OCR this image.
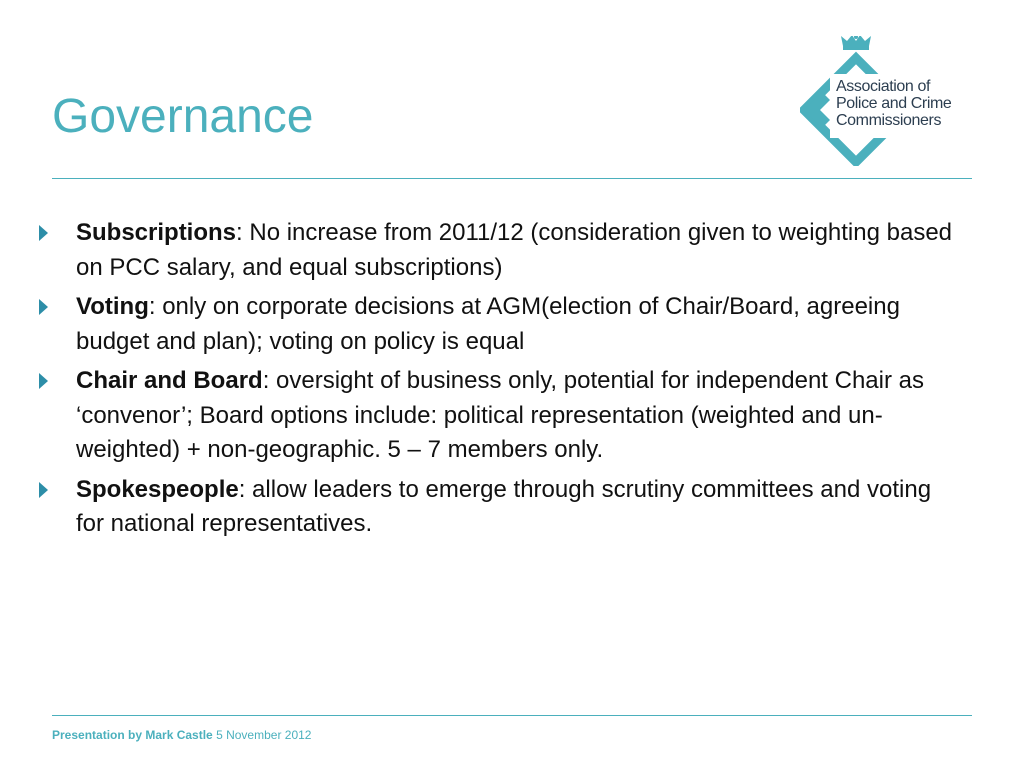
Governance
Association of
Police and Crime
Commissioners
Subscriptions: No increase from 2011/12 (consideration given to weighting based on PCC salary, and equal subscriptions)
Voting: only on corporate decisions at AGM(election of Chair/Board, agreeing budget and plan); voting on policy is equal
Chair and Board: oversight of business only, potential for independent Chair as ‘convenor’; Board options include: political representation (weighted and un-weighted) + non-geographic. 5 – 7 members only.
Spokespeople: allow leaders to emerge through scrutiny committees and voting for national representatives.
Presentation by Mark Castle 5 November 2012
